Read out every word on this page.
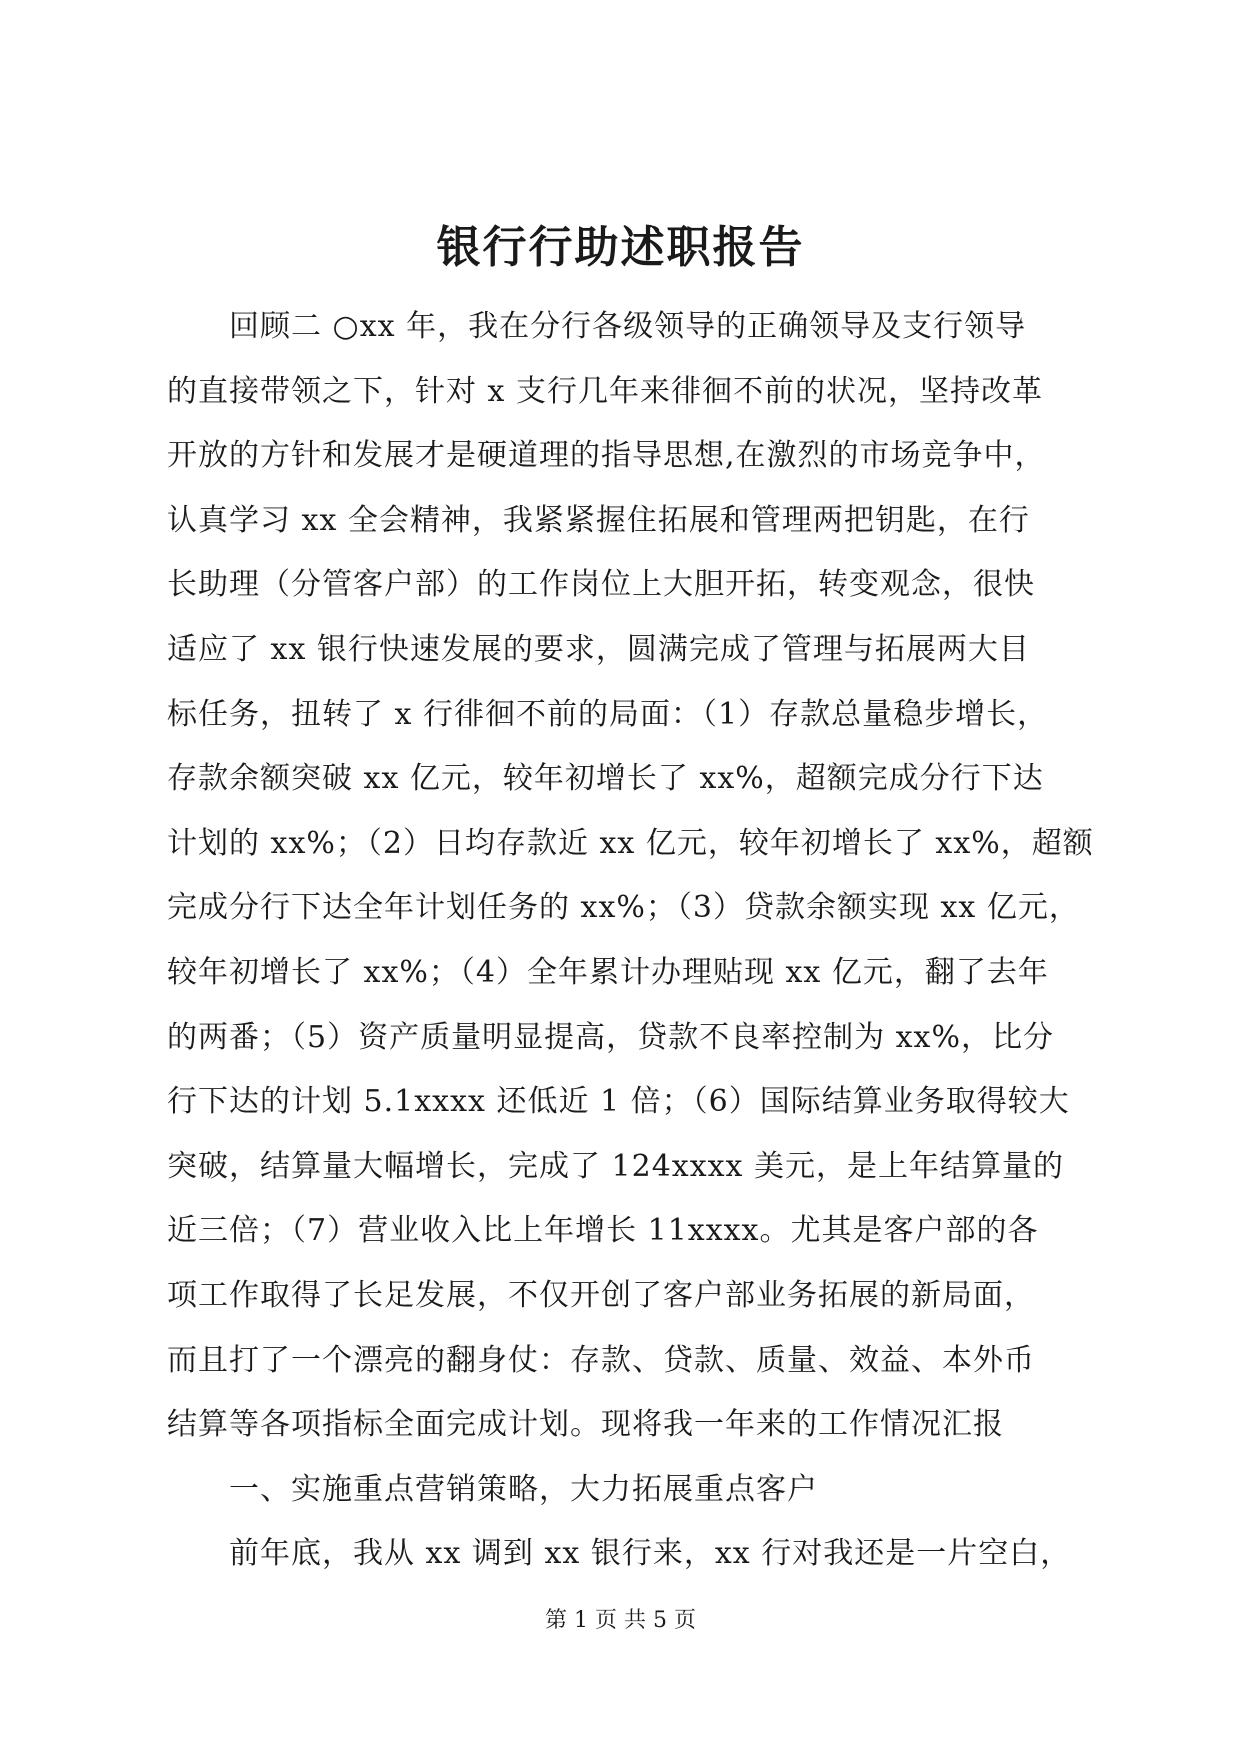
银行行助述职报告
回顾二 ○xx 年，我在分行各级领导的正确领导及支行领导
的直接带领之下，针对 x 支行几年来徘徊不前的状况，坚持改革
开放的方针和发展才是硬道理的指导思想,在激烈的市场竞争中，
认真学习 xx 全会精神，我紧紧握住拓展和管理两把钥匙，在行
长助理（分管客户部）的工作岗位上大胆开拓，转变观念，很快
适应了 xx 银行快速发展的要求，圆满完成了管理与拓展两大目
标任务，扭转了 x 行徘徊不前的局面：（1）存款总量稳步增长，
存款余额突破 xx 亿元，较年初增长了 xx%，超额完成分行下达
计划的 xx%；（2）日均存款近 xx 亿元，较年初增长了 xx%，超额
完成分行下达全年计划任务的 xx%；（3）贷款余额实现 xx 亿元，
较年初增长了 xx%；（4）全年累计办理贴现 xx 亿元，翻了去年
的两番；（5）资产质量明显提高，贷款不良率控制为 xx%，比分
行下达的计划 5.1xxxx 还低近 1 倍；（6）国际结算业务取得较大
突破，结算量大幅增长，完成了 124xxxx 美元，是上年结算量的
近三倍；（7）营业收入比上年增长 11xxxx。尤其是客户部的各
项工作取得了长足发展，不仅开创了客户部业务拓展的新局面，
而且打了一个漂亮的翻身仗：存款、贷款、质量、效益、本外币
结算等各项指标全面完成计划。现将我一年来的工作情况汇报
一、实施重点营销策略，大力拓展重点客户
前年底，我从 xx 调到 xx 银行来，xx 行对我还是一片空白，
第 1 页 共 5 页
